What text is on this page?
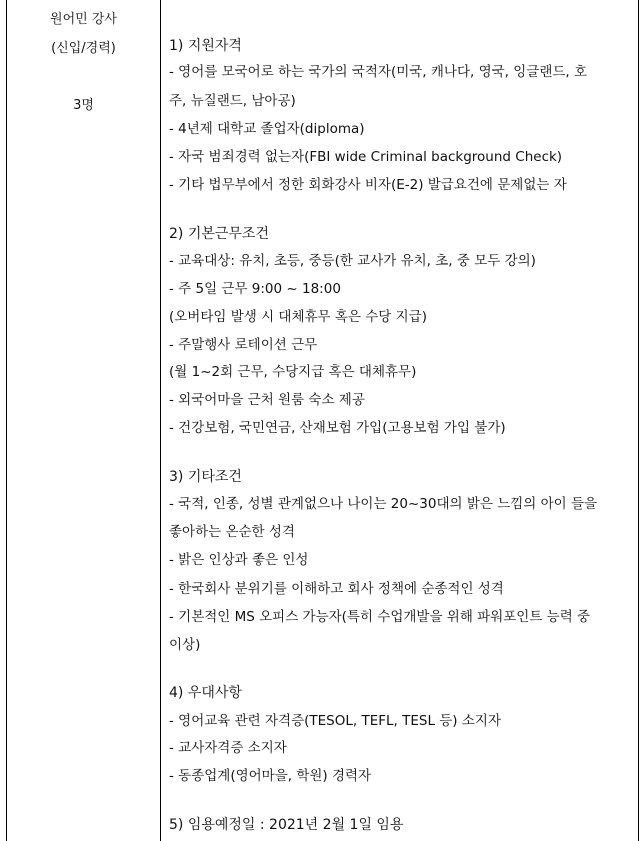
원어민 강사
(신입/경력)
3명
1) 지원자격
- 영어를 모국어로 하는 국가의 국적자(미국, 캐나다, 영국, 잉글랜드, 호
주, 뉴질랜드, 남아공)
- 4년제 대학교 졸업자(diploma)
- 자국 범죄경력 없는자(FBI wide Criminal background Check)
- 기타 법무부에서 정한 회화강사 비자(E-2) 발급요건에 문제없는 자
2) 기본근무조건
- 교육대상: 유치, 초등, 중등(한 교사가 유치, 초, 중 모두 강의)
- 주 5일 근무 9:00 ~ 18:00
(오버타임 발생 시 대체휴무 혹은 수당 지급)
- 주말행사 로테이션 근무
(월 1~2회 근무, 수당지급 혹은 대체휴무)
- 외국어마을 근처 원룸 숙소 제공
- 건강보험, 국민연금, 산재보험 가입(고용보험 가입 불가)
3) 기타조건
- 국적, 인종, 성별 관계없으나 나이는 20~30대의 밝은 느낌의 아이 들을
좋아하는 온순한 성격
- 밝은 인상과 좋은 인성
- 한국회사 분위기를 이해하고 회사 정책에 순종적인 성격
- 기본적인 MS 오피스 가능자(특히 수업개발을 위해 파워포인트 능력 중
이상)
4) 우대사항
- 영어교육 관련 자격증(TESOL, TEFL, TESL 등) 소지자
- 교사자격증 소지자
- 동종업계(영어마을, 학원) 경력자
5) 임용예정일 : 2021년 2월 1일 임용
